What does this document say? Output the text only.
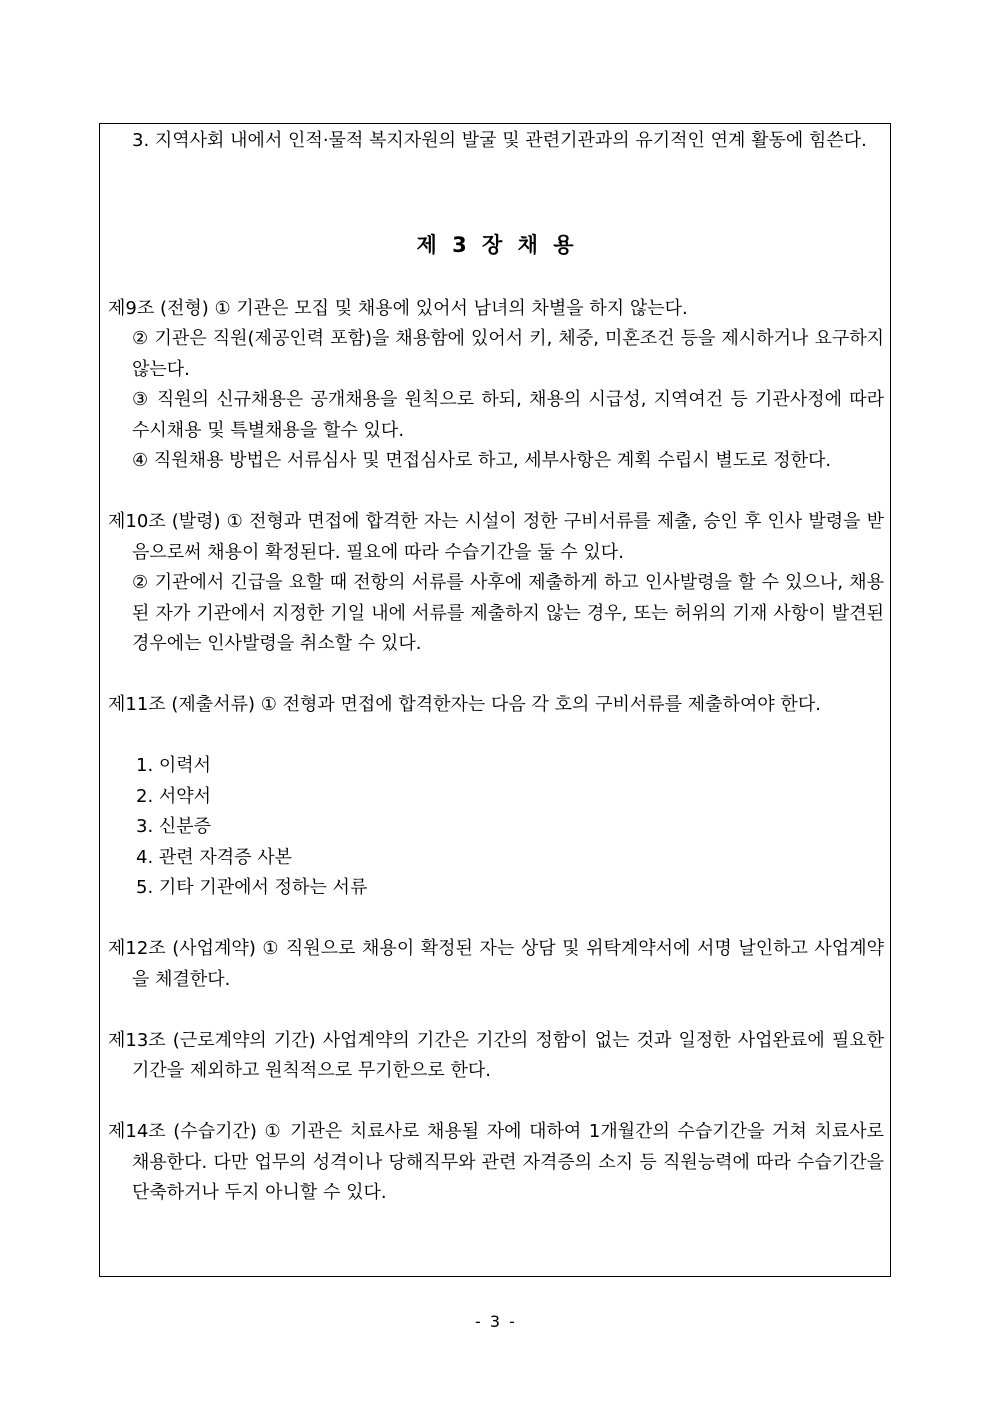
3. 지역사회 내에서 인적·물적 복지자원의 발굴 및 관련기관과의 유기적인 연계 활동에 힘쓴다.

제 3 장 채 용

제9조 (전형) ① 기관은 모집 및 채용에 있어서 남녀의 차별을 하지 않는다.

② 기관은 직원(제공인력 포함)을 채용함에 있어서 키, 체중, 미혼조건 등을 제시하거나 요구하지 않는다.

③ 직원의 신규채용은 공개채용을 원칙으로 하되, 채용의 시급성, 지역여건 등 기관사정에 따라 수시채용 및 특별채용을 할수 있다.

④ 직원채용 방법은 서류심사 및 면접심사로 하고, 세부사항은 계획 수립시 별도로 정한다.

제10조 (발령) ① 전형과 면접에 합격한 자는 시설이 정한 구비서류를 제출, 승인 후 인사 발령을 받음으로써 채용이 확정된다. 필요에 따라 수습기간을 둘 수 있다.

② 기관에서 긴급을 요할 때 전항의 서류를 사후에 제출하게 하고 인사발령을 할 수 있으나, 채용된 자가 기관에서 지정한 기일 내에 서류를 제출하지 않는 경우, 또는 허위의 기재 사항이 발견된 경우에는 인사발령을 취소할 수 있다.

제11조 (제출서류) ① 전형과 면접에 합격한자는 다음 각 호의 구비서류를 제출하여야 한다.

1. 이력서
2. 서약서
3. 신분증
4. 관련 자격증 사본
5. 기타 기관에서 정하는 서류

제12조 (사업계약) ① 직원으로 채용이 확정된 자는 상담 및 위탁계약서에 서명 날인하고 사업계약을 체결한다.

제13조 (근로계약의 기간) 사업계약의 기간은 기간의 정함이 없는 것과 일정한 사업완료에 필요한 기간을 제외하고 원칙적으로 무기한으로 한다.

제14조 (수습기간) ① 기관은 치료사로 채용될 자에 대하여 1개월간의 수습기간을 거쳐 치료사로 채용한다. 다만 업무의 성격이나 당해직무와 관련 자격증의 소지 등 직원능력에 따라 수습기간을 단축하거나 두지 아니할 수 있다.

- 3 -
